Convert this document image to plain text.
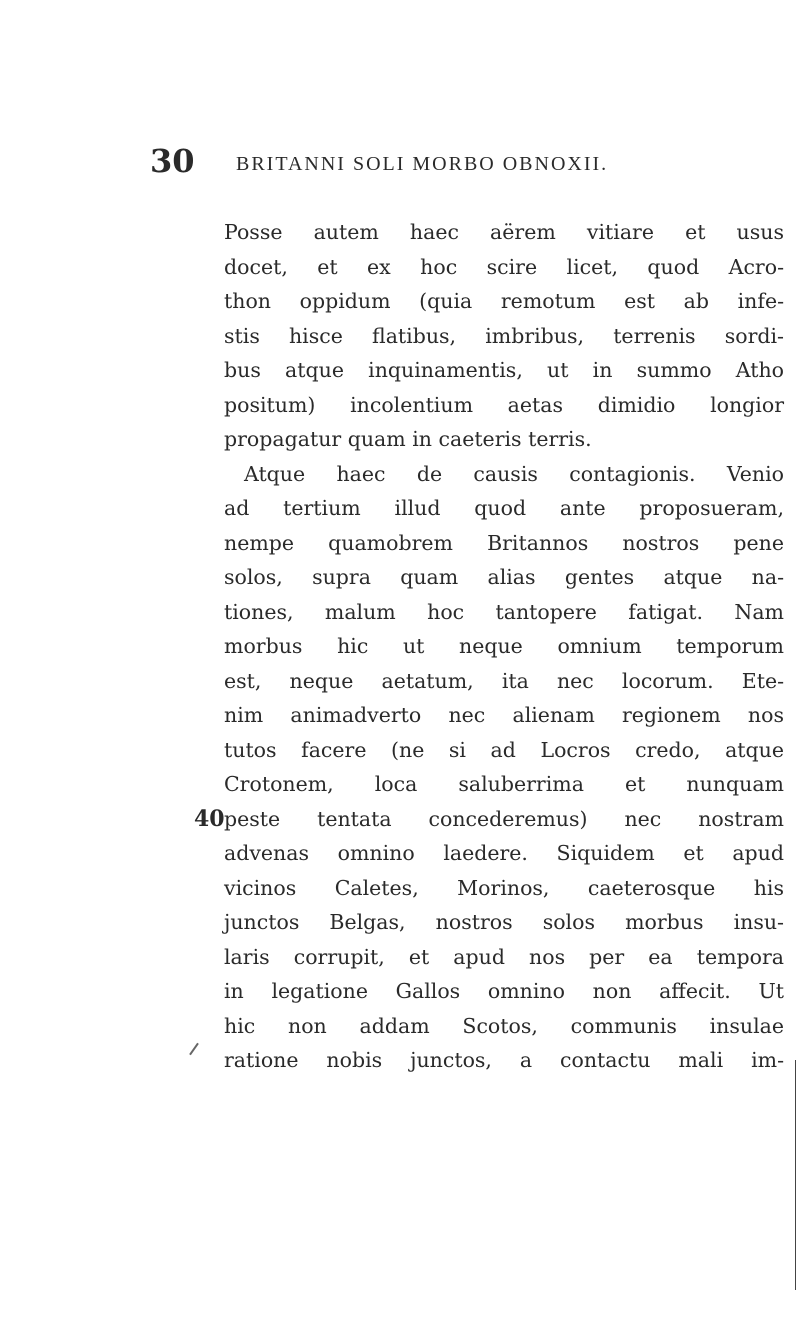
30 BRITANNI SOLI MORBO OBNOXII.
Posse autem haec aërem vitiare et usus
docet, et ex hoc scire licet, quod Acro-
thon oppidum (quia remotum est ab infe-
stis hisce flatibus, imbribus, terrenis sordi-
bus atque inquinamentis, ut in summo Atho
positum) incolentium aetas dimidio longior
propagatur quam in caeteris terris.
Atque haec de causis contagionis. Venio
ad tertium illud quod ante proposueram,
nempe quamobrem Britannos nostros pene
solos, supra quam alias gentes atque na-
tiones, malum hoc tantopere fatigat. Nam
morbus hic ut neque omnium temporum
est, neque aetatum, ita nec locorum. Ete-
nim animadverto nec alienam regionem nos
tutos facere (ne si ad Locros credo, atque
Crotonem, loca saluberrima et nunquam
40 peste tentata concederemus) nec nostram
advenas omnino laedere. Siquidem et apud
vicinos Caletes, Morinos, caeterosque his
junctos Belgas, nostros solos morbus insu-
laris corrupit, et apud nos per ea tempora
in legatione Gallos omnino non affecit. Ut
hic non addam Scotos, communis insulae
ratione nobis junctos, a contactu mali im-
